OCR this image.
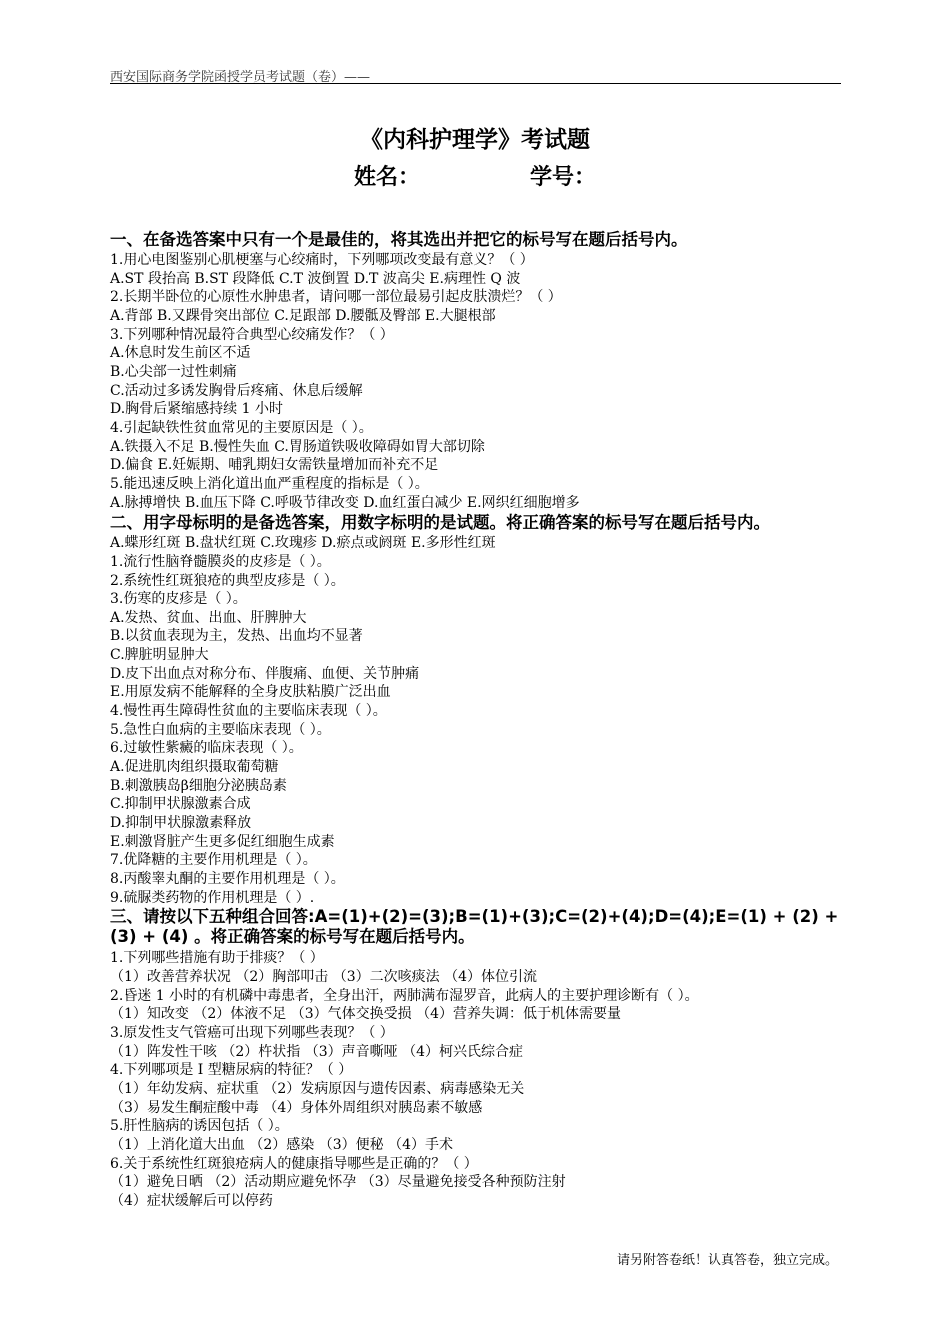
西安国际商务学院函授学员考试题（卷）——
《内科护理学》考试题
姓名：	学号：
一、在备选答案中只有一个是最佳的，将其选出并把它的标号写在题后括号内。
1.用心电图鉴别心肌梗塞与心绞痛时，下列哪项改变最有意义？（ ）
A.ST 段抬高 B.ST 段降低 C.T 波倒置 D.T 波高尖 E.病理性 Q 波
2.长期半卧位的心原性水肿患者，请问哪一部位最易引起皮肤溃烂？（ ）
A.背部 B.又踝骨突出部位 C.足跟部 D.腰骶及臀部 E.大腿根部
3.下列哪种情况最符合典型心绞痛发作？（ ）
A.休息时发生前区不适
B.心尖部一过性刺痛
C.活动过多诱发胸骨后疼痛、休息后缓解
D.胸骨后紧缩感持续 1 小时
4.引起缺铁性贫血常见的主要原因是（ ）。
A.铁摄入不足 B.慢性失血 C.胃肠道铁吸收障碍如胃大部切除
D.偏食 E.妊娠期、哺乳期妇女需铁量增加而补充不足
5.能迅速反映上消化道出血严重程度的指标是（ ）。
A.脉搏增快 B.血压下降 C.呼吸节律改变 D.血红蛋白减少 E.网织红细胞增多
二、用字母标明的是备选答案，用数字标明的是试题。将正确答案的标号写在题后括号内。
A.蝶形红斑 B.盘状红斑 C.玫瑰疹 D.瘀点或阏斑 E.多形性红斑
1.流行性脑脊髓膜炎的皮疹是（ ）。
2.系统性红斑狼疮的典型皮疹是（ ）。
3.伤寒的皮疹是（ ）。
A.发热、贫血、出血、肝脾肿大
B.以贫血表现为主，发热、出血均不显著
C.脾脏明显肿大
D.皮下出血点对称分布、伴腹痛、血便、关节肿痛
E.用原发病不能解释的全身皮肤粘膜广泛出血
4.慢性再生障碍性贫血的主要临床表现（ ）。
5.急性白血病的主要临床表现（ ）。
6.过敏性紫癜的临床表现（ ）。
A.促进肌肉组织摄取葡萄糖
B.刺激胰岛β细胞分泌胰岛素
C.抑制甲状腺激素合成
D.抑制甲状腺激素释放
E.刺激肾脏产生更多促红细胞生成素
7.优降糖的主要作用机理是（ ）。
8.丙酸睾丸酮的主要作用机理是（ ）。
9.硫脲类药物的作用机理是（ ）.
三、请按以下五种组合回答:A=(1)+(2)=(3);B=(1)+(3);C=(2)+(4);D=(4);E=(1) + (2) + (3) + (4) 。将正确答案的标号写在题后括号内。
1.下列哪些措施有助于排痰？（ ）
（1）改善营养状况 （2）胸部叩击 （3）二次咳痰法 （4）体位引流
2.昏迷 1 小时的有机磷中毒患者，全身出汗，两肺满布湿罗音，此病人的主要护理诊断有（ ）。
（1）知改变 （2）体液不足 （3）气体交换受损 （4）营养失调：低于机体需要量
3.原发性支气管癌可出现下列哪些表现？（ ）
（1）阵发性干咳 （2）杵状指 （3）声音嘶哑 （4）柯兴氏综合症
4.下列哪项是 I 型糖尿病的特征？（ ）
（1）年幼发病、症状重 （2）发病原因与遗传因素、病毒感染无关
（3）易发生酮症酸中毒 （4）身体外周组织对胰岛素不敏感
5.肝性脑病的诱因包括（ ）。
（1）上消化道大出血 （2）感染 （3）便秘 （4）手术
6.关于系统性红斑狼疮病人的健康指导哪些是正确的？（ ）
（1）避免日晒 （2）活动期应避免怀孕 （3）尽量避免接受各种预防注射
（4）症状缓解后可以停药
请另附答卷纸！认真答卷，独立完成。
